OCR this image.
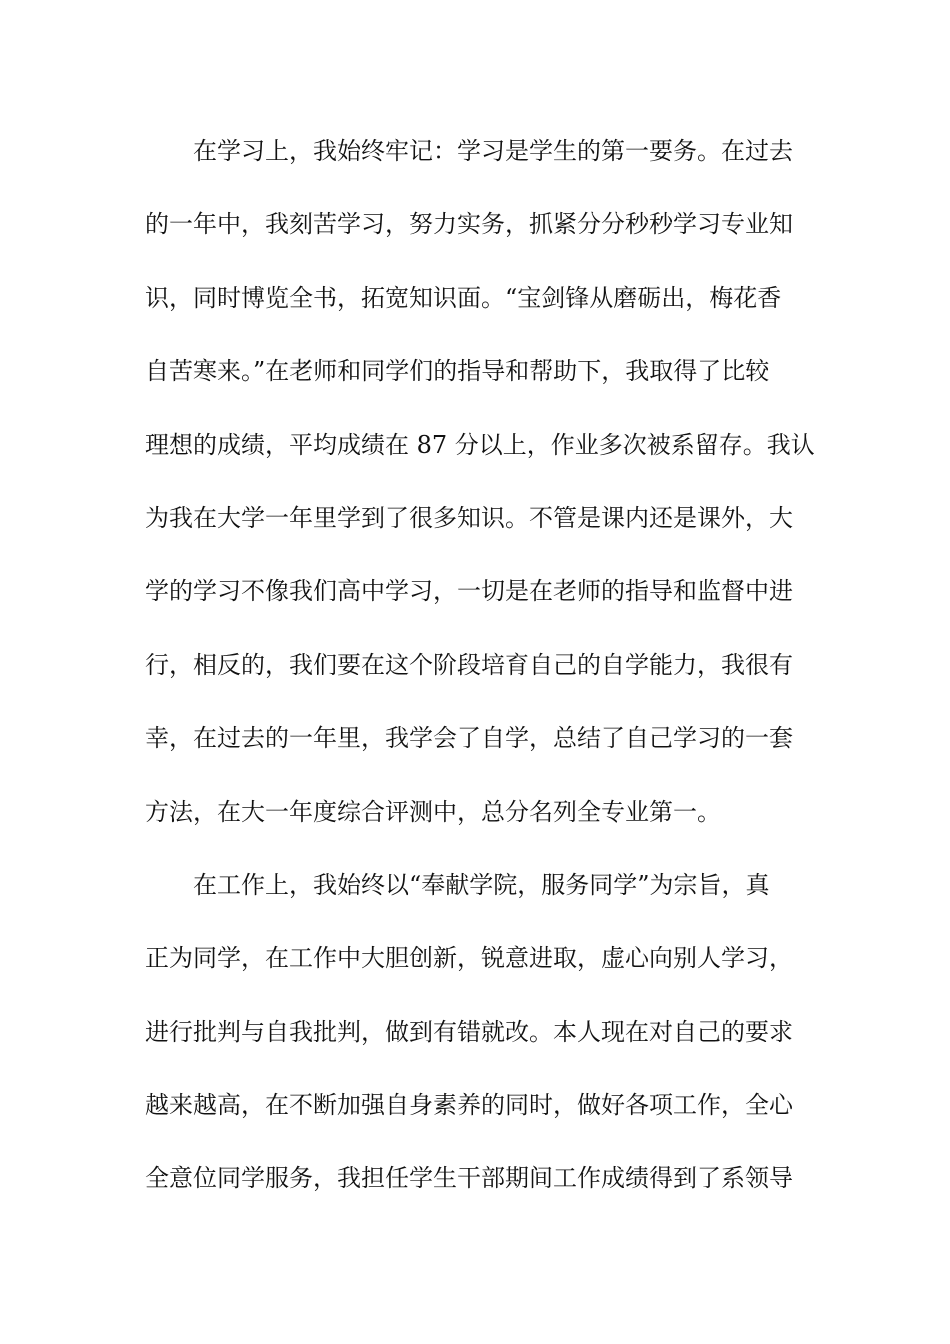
在学习上，我始终牢记：学习是学生的第一要务。在过去
的一年中，我刻苦学习，努力实务，抓紧分分秒秒学习专业知
识，同时博览全书，拓宽知识面。“宝剑锋从磨砺出，梅花香
自苦寒来。”在老师和同学们的指导和帮助下，我取得了比较
理想的成绩，平均成绩在 87 分以上，作业多次被系留存。我认
为我在大学一年里学到了很多知识。不管是课内还是课外，大
学的学习不像我们高中学习，一切是在老师的指导和监督中进
行，相反的，我们要在这个阶段培育自己的自学能力，我很有
幸，在过去的一年里，我学会了自学，总结了自己学习的一套
方法，在大一年度综合评测中，总分名列全专业第一。
在工作上，我始终以“奉献学院，服务同学”为宗旨，真
正为同学，在工作中大胆创新，锐意进取，虚心向别人学习，
进行批判与自我批判，做到有错就改。本人现在对自己的要求
越来越高，在不断加强自身素养的同时，做好各项工作，全心
全意位同学服务，我担任学生干部期间工作成绩得到了系领导
